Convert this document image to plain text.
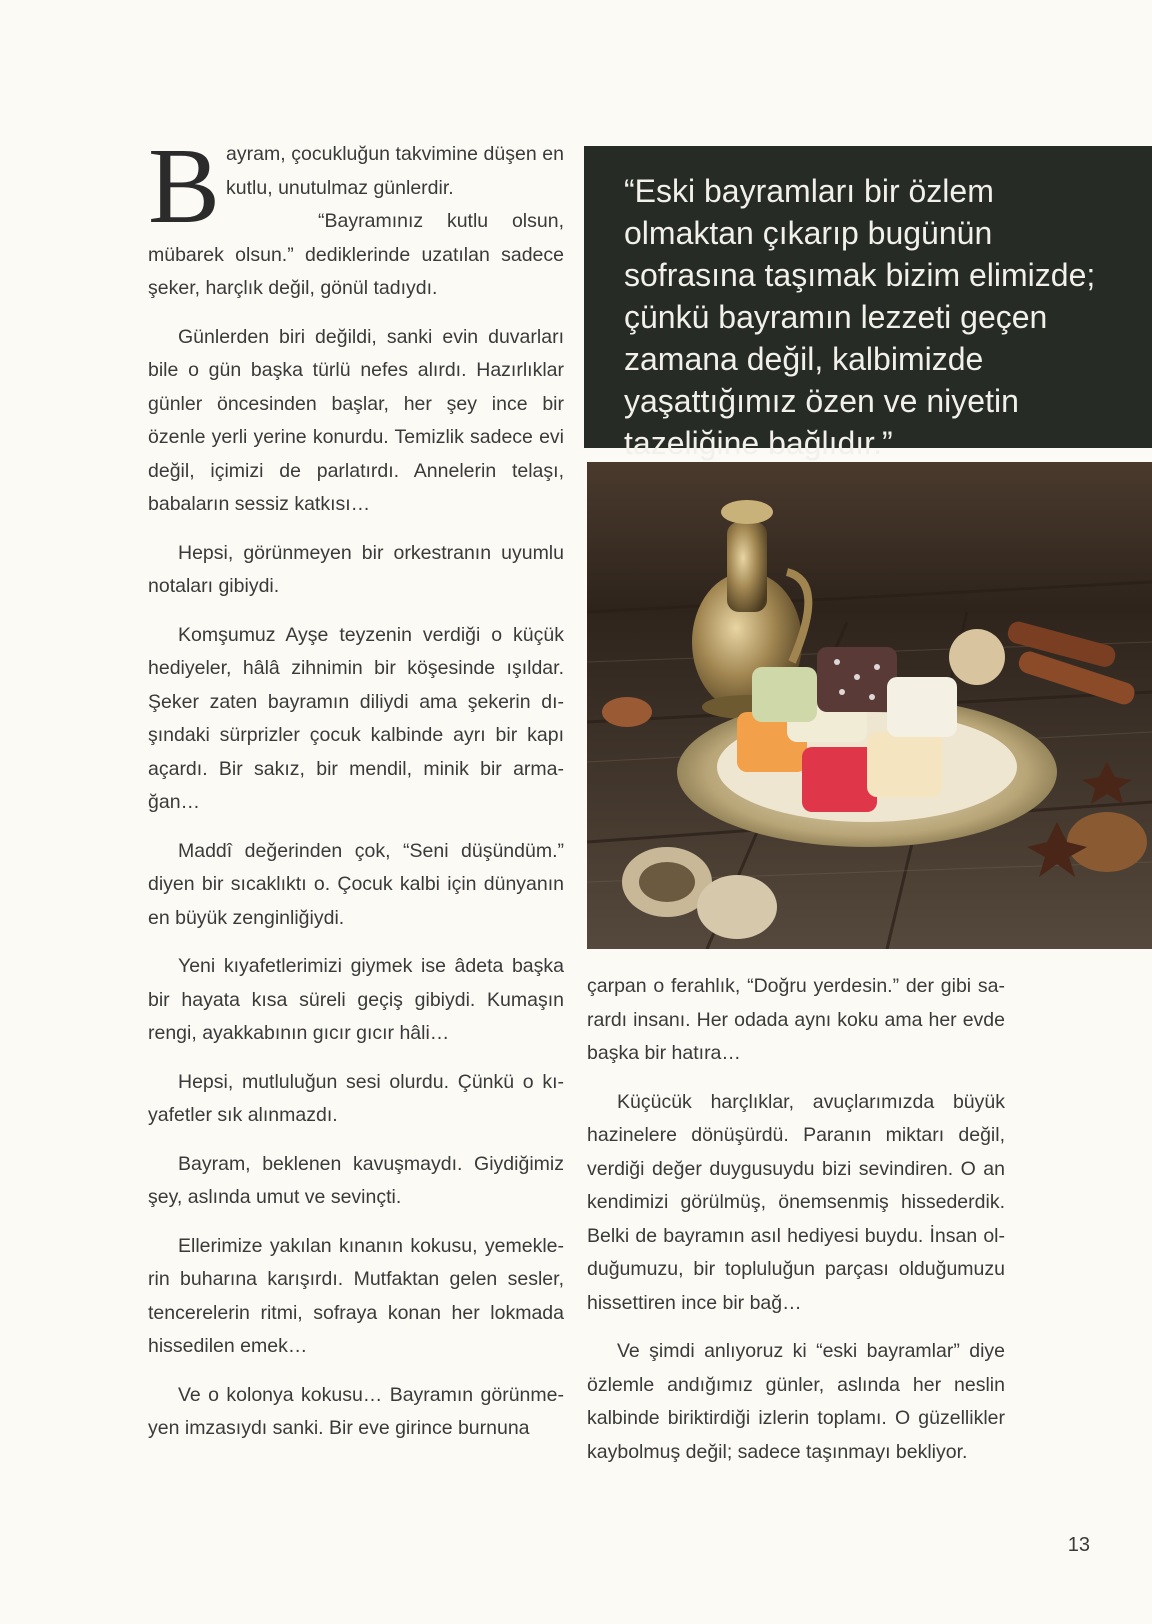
B ayram, çocukluğun takvimine düşen en kutlu, unutulmaz günlerdir.

“Bayramınız kutlu olsun, mübarek olsun.” dediklerinde uzatılan sadece şeker, harçlık değil, gönül tadıydı.

Günlerden biri değildi, sanki evin duvarları bile o gün başka türlü nefes alırdı. Hazırlıklar günler öncesinden başlar, her şey ince bir özenle yerli yerine konurdu. Temizlik sadece evi değil, içimizi de parlatırdı. Annelerin telaşı, babaların sessiz katkısı…

Hepsi, görünmeyen bir orkestranın uyumlu notaları gibiydi.

Komşumuz Ayşe teyzenin verdiği o küçük hediyeler, hâlâ zihnimin bir köşesinde ışıldar. Şeker zaten bayramın diliydi ama şekerin dışındaki sürprizler çocuk kalbinde ayrı bir kapı açardı. Bir sakız, bir mendil, minik bir armağan…

Maddî değerinden çok, “Seni düşündüm.” diyen bir sıcaklıktı o. Çocuk kalbi için dünyanın en büyük zenginliğiydi.

Yeni kıyafetlerimizi giymek ise âdeta başka bir hayata kısa süreli geçiş gibiydi. Kumaşın rengi, ayakkabının gıcır gıcır hâli…

Hepsi, mutluluğun sesi olurdu. Çünkü o kıyafetler sık alınmazdı.

Bayram, beklenen kavuşmaydı. Giydiğimiz şey, aslında umut ve sevinçti.

Ellerimize yakılan kınanın kokusu, yemeklerin buharına karışırdı. Mutfaktan gelen sesler, tencerelerin ritmi, sofraya konan her lokmada hissedilen emek…

Ve o kolonya kokusu… Bayramın görünmeyen imzasıydı sanki. Bir eve girince burnuna

“Eski bayramları bir özlem olmaktan çıkarıp bugünün sofrasına taşımak bizim elimizde; çünkü bayramın lezzeti geçen zamana değil, kalbimizde yaşattığımız özen ve niyetin tazeliğine bağlıdır.”

çarpan o ferahlık, “Doğru yerdesin.” der gibi sarardı insanı. Her odada aynı koku ama her evde başka bir hatıra…

Küçücük harçlıklar, avuçlarımızda büyük hazinelere dönüşürdü. Paranın miktarı değil, verdiği değer duygusuydu bizi sevindiren. O an kendimizi görülmüş, önemsenmiş hissederdik. Belki de bayramın asıl hediyesi buydu. İnsan olduğumuzu, bir topluluğun parçası olduğumuzu hissettiren ince bir bağ…

Ve şimdi anlıyoruz ki “eski bayramlar” diye özlemle andığımız günler, aslında her neslin kalbinde biriktirdiği izlerin toplamı. O güzellikler kaybolmuş değil; sadece taşınmayı bekliyor.

13
